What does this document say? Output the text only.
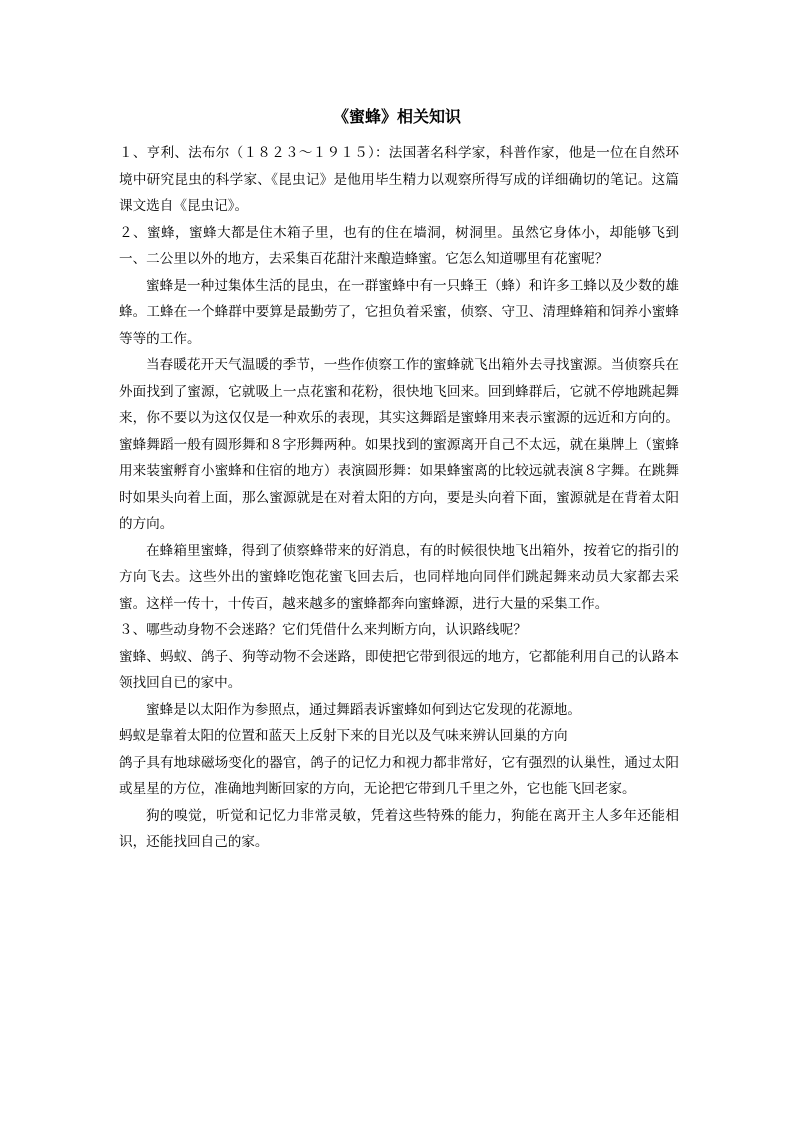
《蜜蜂》相关知识

１、亨利、法布尔（１８２３～１９１５）：法国著名科学家，科普作家，他是一位在自然环境中研究昆虫的科学家、《昆虫记》是他用毕生精力以观察所得写成的详细确切的笔记。这篇课文选自《昆虫记》。

２、蜜蜂，蜜蜂大都是住木箱子里，也有的住在墙洞，树洞里。虽然它身体小，却能够飞到一、二公里以外的地方，去采集百花甜汁来酿造蜂蜜。它怎么知道哪里有花蜜呢？

蜜蜂是一种过集体生活的昆虫，在一群蜜蜂中有一只蜂王（蜂）和许多工蜂以及少数的雄蜂。工蜂在一个蜂群中要算是最勤劳了，它担负着采蜜，侦察、守卫、清理蜂箱和饲养小蜜蜂等等的工作。

当春暖花开天气温暖的季节，一些作侦察工作的蜜蜂就飞出箱外去寻找蜜源。当侦察兵在外面找到了蜜源，它就吸上一点花蜜和花粉，很快地飞回来。回到蜂群后，它就不停地跳起舞来，你不要以为这仅仅是一种欢乐的表现，其实这舞蹈是蜜蜂用来表示蜜源的远近和方向的。蜜蜂舞蹈一般有圆形舞和８字形舞两种。如果找到的蜜源离开自己不太远，就在巢牌上（蜜蜂用来装蜜孵育小蜜蜂和住宿的地方）表演圆形舞：如果蜂蜜离的比较远就表演８字舞。在跳舞时如果头向着上面，那么蜜源就是在对着太阳的方向，要是头向着下面，蜜源就是在背着太阳的方向。

在蜂箱里蜜蜂，得到了侦察蜂带来的好消息，有的时候很快地飞出箱外，按着它的指引的方向飞去。这些外出的蜜蜂吃饱花蜜飞回去后，也同样地向同伴们跳起舞来动员大家都去采蜜。这样一传十，十传百，越来越多的蜜蜂都奔向蜜蜂源，进行大量的采集工作。

３、哪些动身物不会迷路？它们凭借什么来判断方向，认识路线呢？

蜜蜂、蚂蚁、鸽子、狗等动物不会迷路，即使把它带到很远的地方，它都能利用自己的认路本领找回自已的家中。

蜜蜂是以太阳作为参照点，通过舞蹈表诉蜜蜂如何到达它发现的花源地。

蚂蚁是靠着太阳的位置和蓝天上反射下来的目光以及气味来辨认回巢的方向

鸽子具有地球磁场变化的器官，鸽子的记忆力和视力都非常好，它有强烈的认巢性，通过太阳或星星的方位，准确地判断回家的方向，无论把它带到几千里之外，它也能飞回老家。

狗的嗅觉，听觉和记忆力非常灵敏，凭着这些特殊的能力，狗能在离开主人多年还能相识，还能找回自己的家。
